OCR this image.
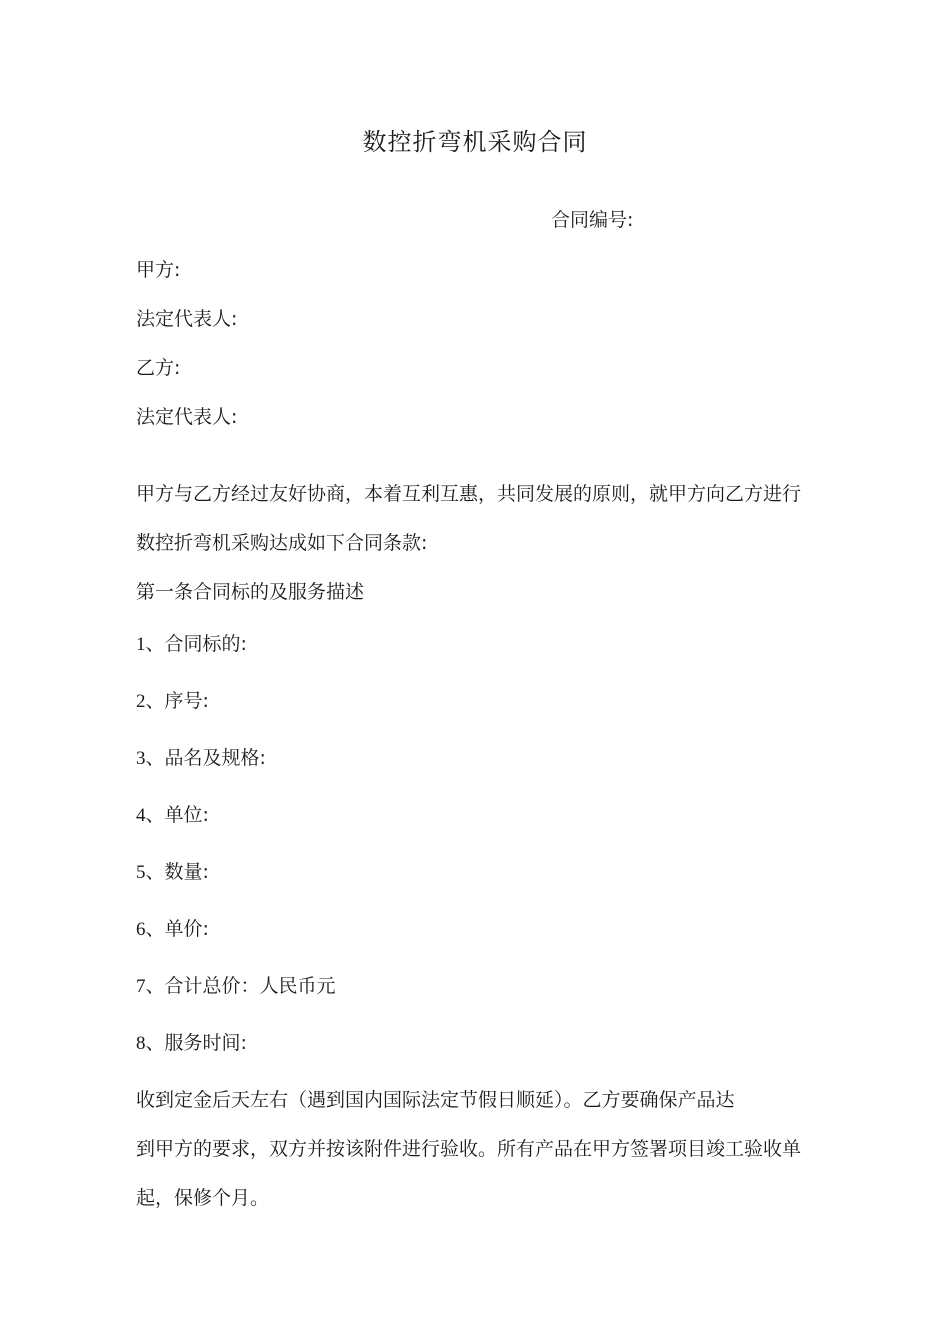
数控折弯机采购合同
合同编号:
甲方:
法定代表人:
乙方:
法定代表人:
甲方与乙方经过友好协商，本着互利互惠，共同发展的原则，就甲方向乙方进行
数控折弯机采购达成如下合同条款:
第一条合同标的及服务描述
1、合同标的:
2、序号:
3、品名及规格:
4、单位:
5、数量:
6、单价:
7、合计总价：人民币元
8、服务时间:
收到定金后天左右（遇到国内国际法定节假日顺延）。乙方要确保产品达
到甲方的要求，双方并按该附件进行验收。所有产品在甲方签署项目竣工验收单
起，保修个月。
